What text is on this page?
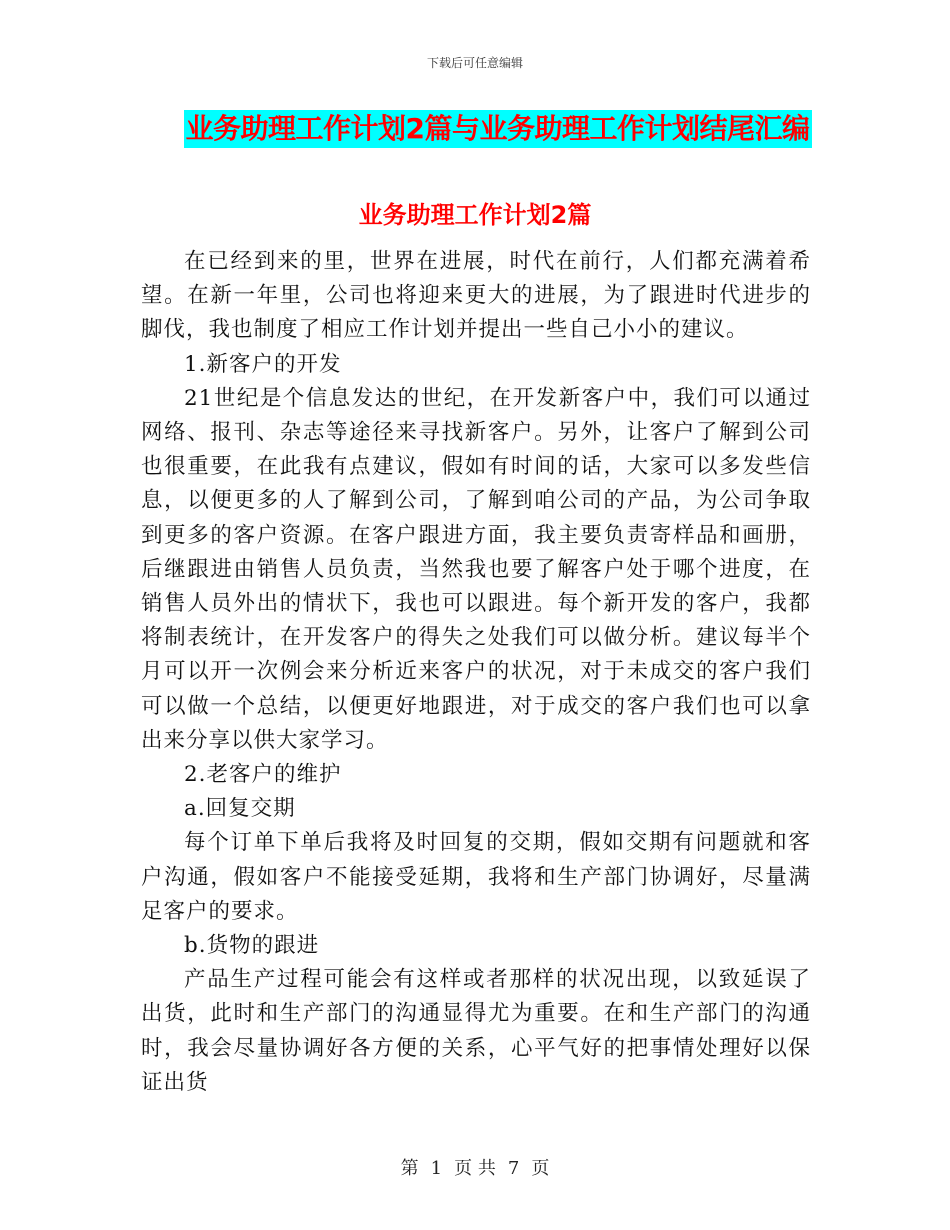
下载后可任意编辑
业务助理工作计划2篇与业务助理工作计划结尾汇编
业务助理工作计划2篇

在已经到来的里，世界在进展，时代在前行，人们都充满着希望。在新一年里，公司也将迎来更大的进展，为了跟进时代进步的脚伐，我也制度了相应工作计划并提出一些自己小小的建议。

1.新客户的开发

21世纪是个信息发达的世纪，在开发新客户中，我们可以通过网络、报刊、杂志等途径来寻找新客户。另外，让客户了解到公司也很重要，在此我有点建议，假如有时间的话，大家可以多发些信息，以便更多的人了解到公司，了解到咱公司的产品，为公司争取到更多的客户资源。在客户跟进方面，我主要负责寄样品和画册，后继跟进由销售人员负责，当然我也要了解客户处于哪个进度，在销售人员外出的情状下，我也可以跟进。每个新开发的客户，我都将制表统计，在开发客户的得失之处我们可以做分析。建议每半个月可以开一次例会来分析近来客户的状况，对于未成交的客户我们可以做一个总结，以便更好地跟进，对于成交的客户我们也可以拿出来分享以供大家学习。

2.老客户的维护

a.回复交期

每个订单下单后我将及时回复的交期，假如交期有问题就和客户沟通，假如客户不能接受延期，我将和生产部门协调好，尽量满足客户的要求。

b.货物的跟进

产品生产过程可能会有这样或者那样的状况出现，以致延误了出货，此时和生产部门的沟通显得尤为重要。在和生产部门的沟通时，我会尽量协调好各方便的关系，心平气好的把事情处理好以保证出货

第 1 页 共 7 页
